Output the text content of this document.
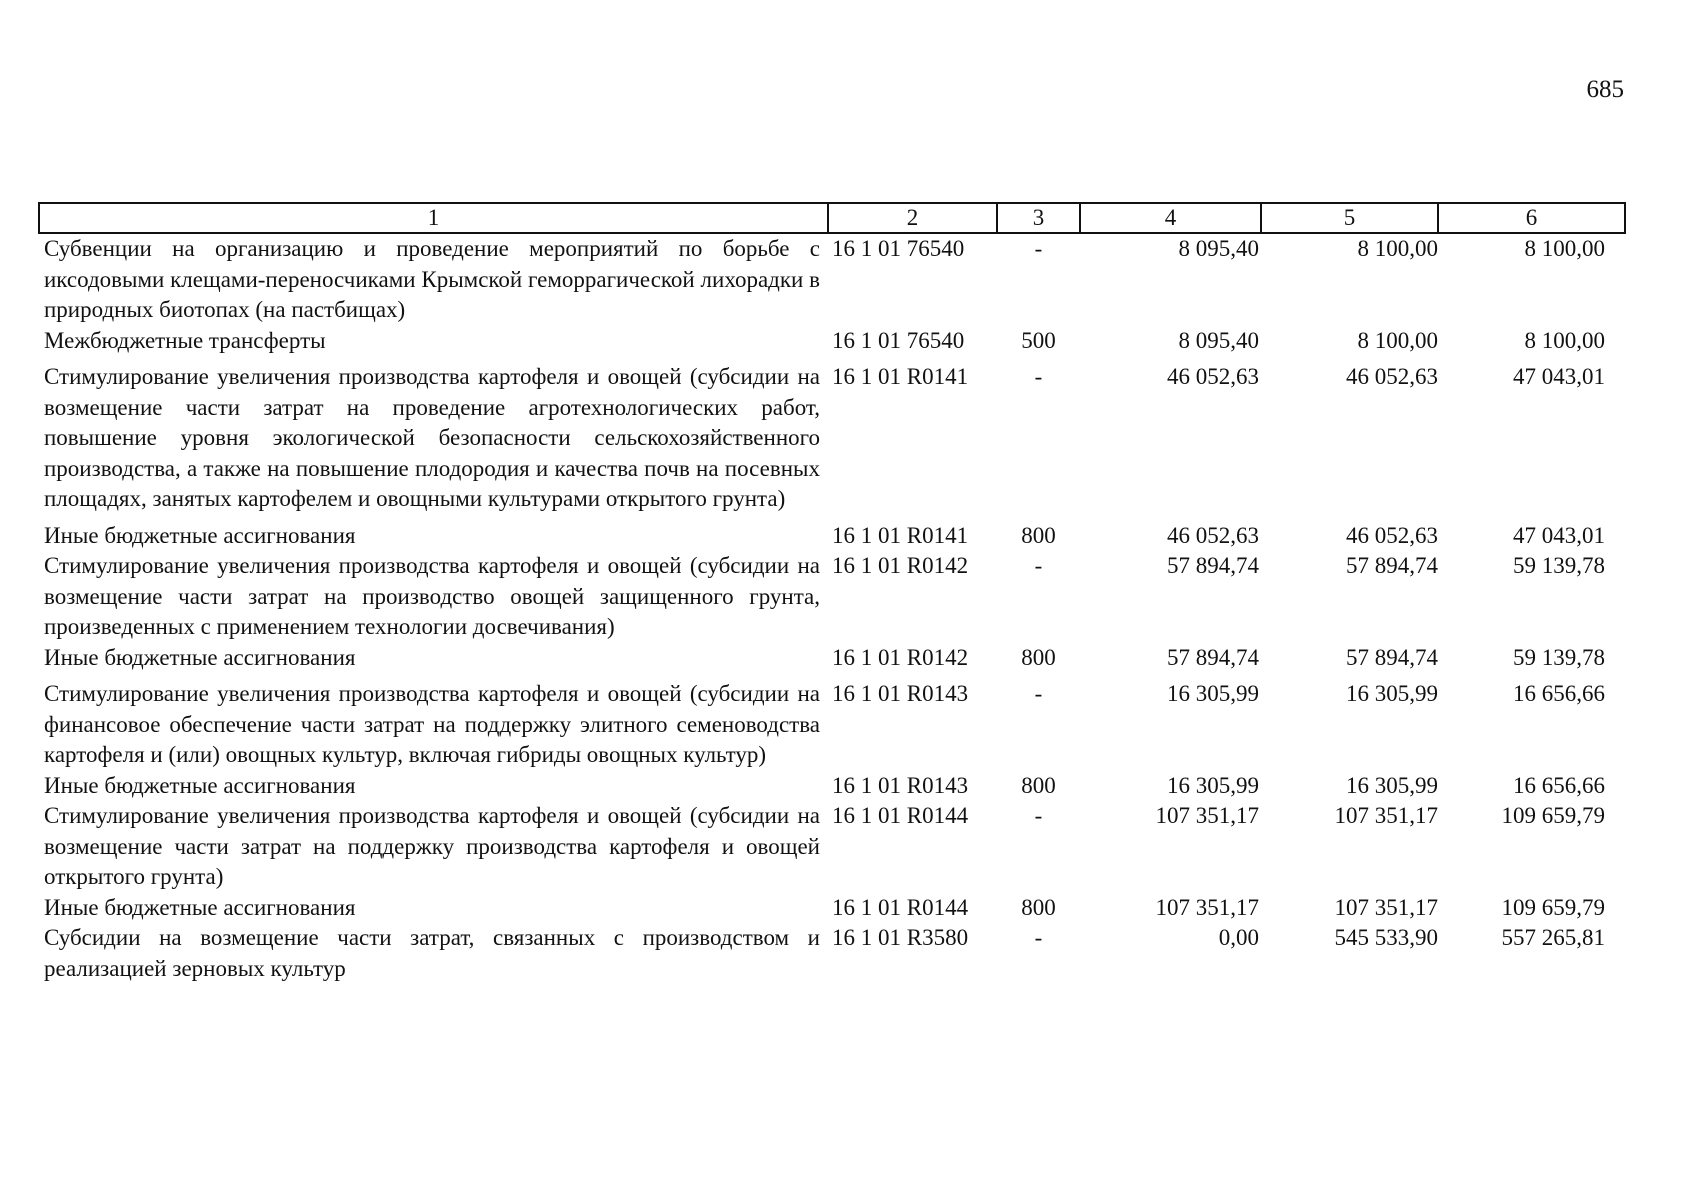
685
1	2	3	4	5	6
Субвенции на организацию и проведение мероприятий по борьбе с иксодовыми клещами-переносчиками Крымской геморрагической лихорадки в природных биотопах (на пастбищах)	16 1 01 76540	-	8 095,40	8 100,00	8 100,00
Межбюджетные трансферты	16 1 01 76540	500	8 095,40	8 100,00	8 100,00
Стимулирование увеличения производства картофеля и овощей (субсидии на возмещение части затрат на проведение агротехнологических работ, повышение уровня экологической безопасности сельскохозяйственного производства, а также на повышение плодородия и качества почв на посевных площадях, занятых картофелем и овощными культурами открытого грунта)	16 1 01 R0141	-	46 052,63	46 052,63	47 043,01
Иные бюджетные ассигнования	16 1 01 R0141	800	46 052,63	46 052,63	47 043,01
Стимулирование увеличения производства картофеля и овощей (субсидии на возмещение части затрат на производство овощей защищенного грунта, произведенных с применением технологии досвечивания)	16 1 01 R0142	-	57 894,74	57 894,74	59 139,78
Иные бюджетные ассигнования	16 1 01 R0142	800	57 894,74	57 894,74	59 139,78
Стимулирование увеличения производства картофеля и овощей (субсидии на финансовое обеспечение части затрат на поддержку элитного семеноводства картофеля и (или) овощных культур, включая гибриды овощных культур)	16 1 01 R0143	-	16 305,99	16 305,99	16 656,66
Иные бюджетные ассигнования	16 1 01 R0143	800	16 305,99	16 305,99	16 656,66
Стимулирование увеличения производства картофеля и овощей (субсидии на возмещение части затрат на поддержку производства картофеля и овощей открытого грунта)	16 1 01 R0144	-	107 351,17	107 351,17	109 659,79
Иные бюджетные ассигнования	16 1 01 R0144	800	107 351,17	107 351,17	109 659,79
Субсидии на возмещение части затрат, связанных с производством и реализацией зерновых культур	16 1 01 R3580	-	0,00	545 533,90	557 265,81
